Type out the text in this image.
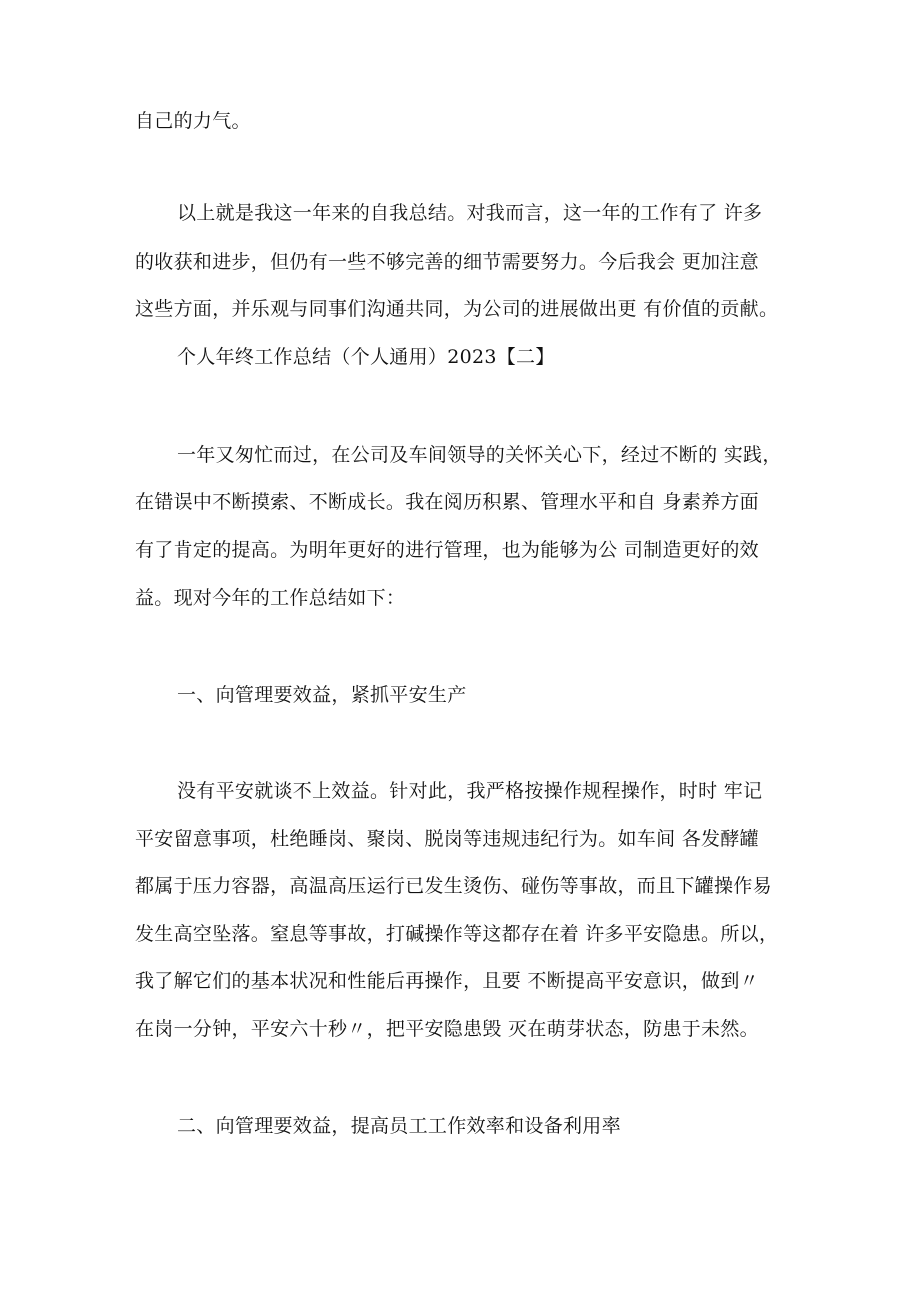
自己的力气。
以上就是我这一年来的自我总结。对我而言，这一年的工作有了 许多
的收获和进步，但仍有一些不够完善的细节需要努力。今后我会 更加注意
这些方面，并乐观与同事们沟通共同，为公司的进展做出更 有价值的贡献。
个人年终工作总结（个人通用）2023【二】
一年又匆忙而过，在公司及车间领导的关怀关心下，经过不断的 实践，
在错误中不断摸索、不断成长。我在阅历积累、管理水平和自 身素养方面
有了肯定的提高。为明年更好的进行管理，也为能够为公 司制造更好的效
益。现对今年的工作总结如下：
一、向管理要效益，紧抓平安生产
没有平安就谈不上效益。针对此，我严格按操作规程操作，时时 牢记
平安留意事项，杜绝睡岗、聚岗、脱岗等违规违纪行为。如车间 各发酵罐
都属于压力容器，高温高压运行已发生烫伤、碰伤等事故，而且下罐操作易
发生高空坠落。窒息等事故，打碱操作等这都存在着 许多平安隐患。所以，
我了解它们的基本状况和性能后再操作，且要 不断提高平安意识，做到〃
在岗一分钟，平安六十秒〃，把平安隐患毁 灭在萌芽状态，防患于未然。
二、向管理要效益，提高员工工作效率和设备利用率
